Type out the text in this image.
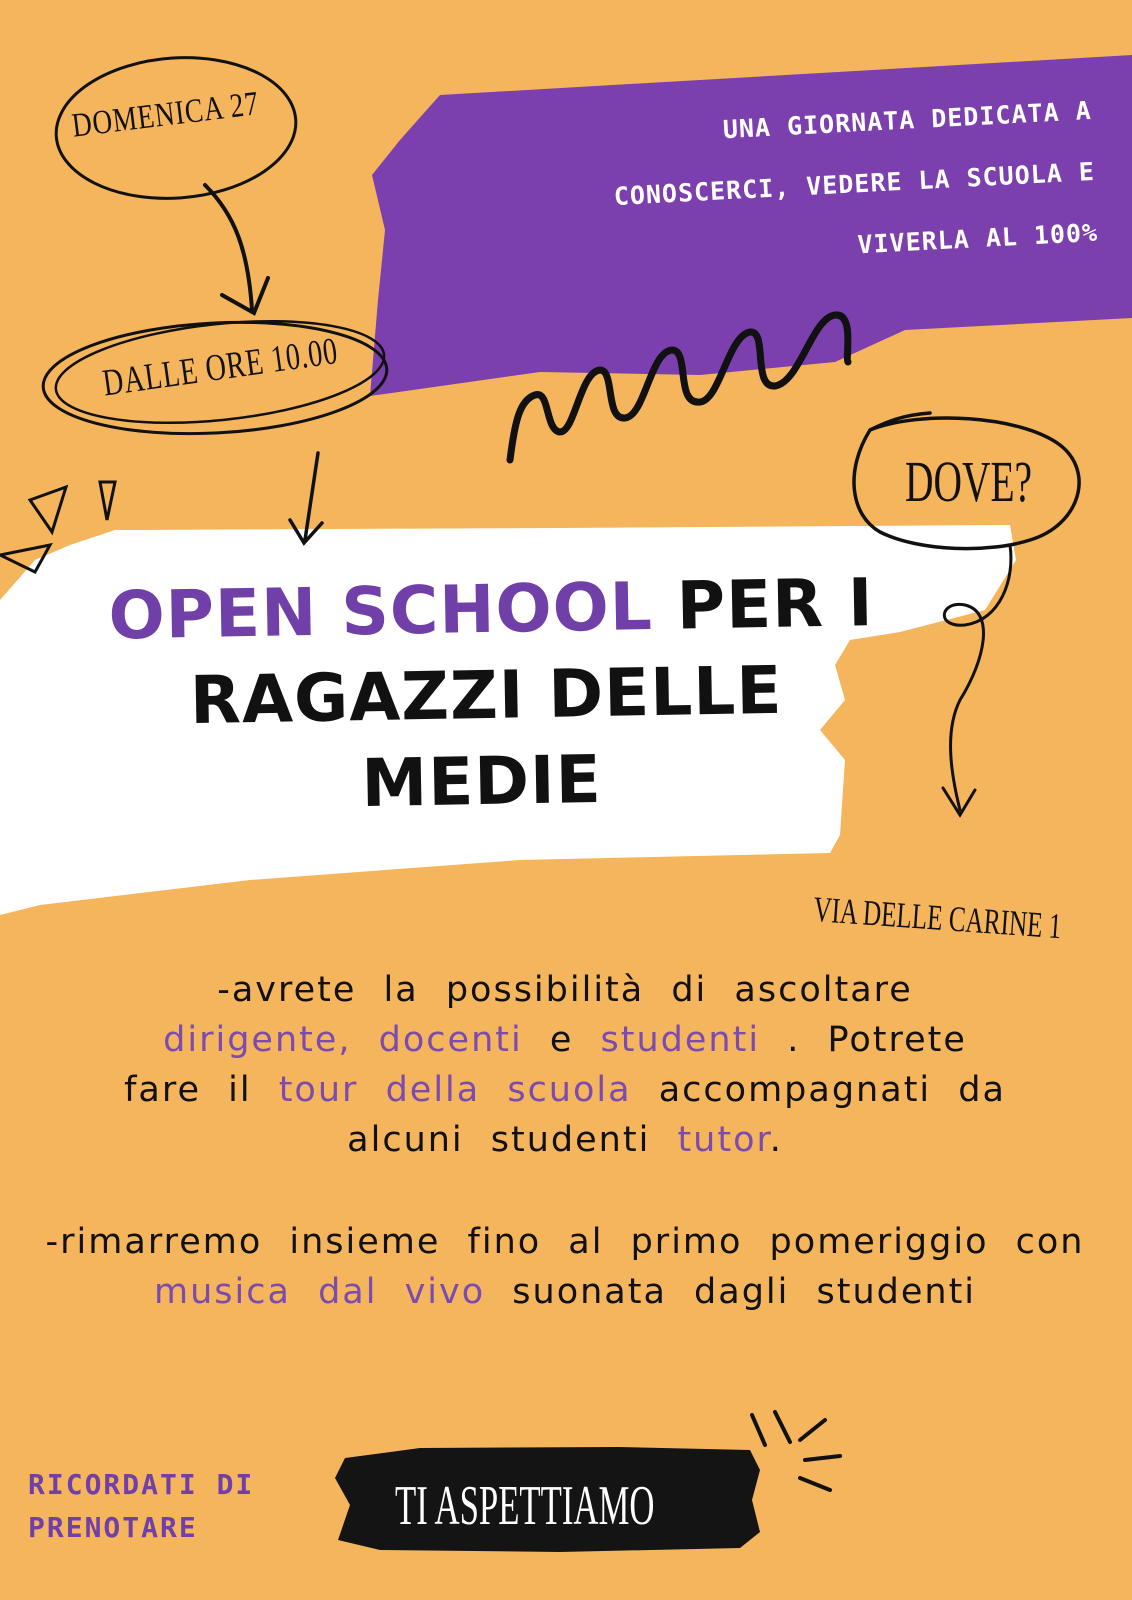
UNA GIORNATA DEDICATA A
CONOSCERCI, VEDERE LA SCUOLA E
VIVERLA AL 100%
DOMENICA 27
DALLE ORE 10.00
DOVE?
OPEN SCHOOL PER I
RAGAZZI DELLE
MEDIE
VIA DELLE CARINE 1

-avrete la possibilità di ascoltare
dirigente, docenti e studenti . Potrete
fare il tour della scuola accompagnati da
alcuni studenti tutor.

-rimarremo insieme fino al primo pomeriggio con
musica dal vivo suonata dagli studenti

RICORDATI DI
PRENOTARE	TI ASPETTIAMO
